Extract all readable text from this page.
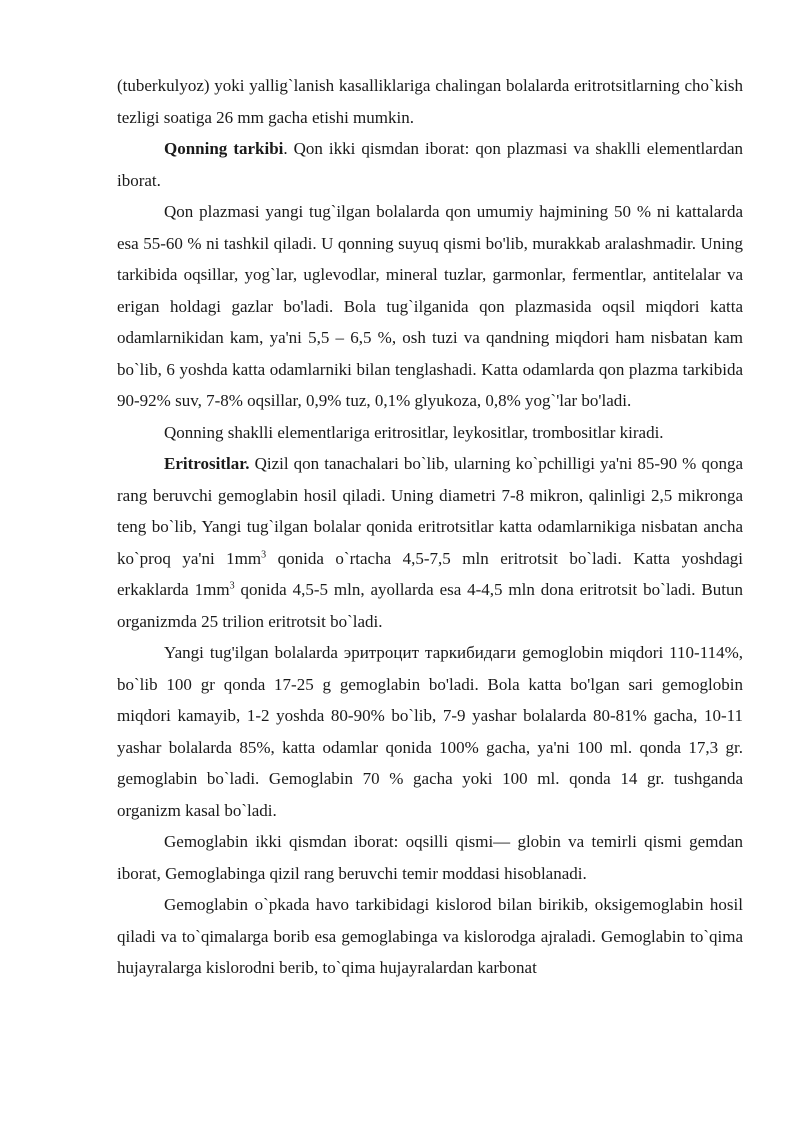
(tuberkulyoz) yoki yallig`lanish kasalliklariga chalingan bolalarda eritrotsitlarning cho`kish tezligi soatiga 26 mm gacha etishi mumkin.

Qonning tarkibi. Qon ikki qismdan iborat: qon plazmasi va shaklli elementlardan iborat.

Qon plazmasi yangi tug`ilgan bolalarda qon umumiy hajmining 50 % ni kattalarda esa 55-60 % ni tashkil qiladi. U qonning suyuq qismi bo'lib, murakkab aralashmadir. Uning tarkibida oqsillar, yog`lar, uglevodlar, mineral tuzlar, garmonlar, fermentlar, antitelalar va erigan holdagi gazlar bo'ladi. Bola tug`ilganida qon plazmasida oqsil miqdori katta odamlarnikidan kam, ya'ni 5,5 – 6,5 %, osh tuzi va qandning miqdori ham nisbatan kam bo`lib, 6 yoshda katta odamlarniki bilan tenglashadi. Katta odamlarda qon plazma tarkibida 90-92% suv, 7-8% oqsillar, 0,9% tuz, 0,1% glyukoza, 0,8% yog`'lar bo'ladi.

Qonning shaklli elementlariga eritrositlar, leykositlar, trombositlar kiradi.

Eritrositlar. Qizil qon tanachalari bo`lib, ularning ko`pchilligi ya'ni 85-90 % qonga rang beruvchi gemoglabin hosil qiladi. Uning diametri 7-8 mikron, qalinligi 2,5 mikronga teng bo`lib, Yangi tug`ilgan bolalar qonida eritrotsitlar katta odamlarnikiga nisbatan ancha ko`proq ya'ni $1mm^3$ qonida o`rtacha 4,5-7,5 mln eritrotsit bo`ladi. Katta yoshdagi erkaklarda $1mm^3$ qonida 4,5-5 mln, ayollarda esa 4-4,5 mln dona eritrotsit bo`ladi. Butun organizmda 25 trilion eritrotsit bo`ladi.

Yangi tug'ilgan bolalarda эритроцит таркибидаги gemoglobin miqdori 110-114%, bo`lib 100 gr qonda 17-25 g gemoglabin bo'ladi. Bola katta bo'lgan sari gemoglobin miqdori kamayib, 1-2 yoshda 80-90% bo`lib, 7-9 yashar bolalarda 80-81% gacha, 10-11 yashar bolalarda 85%, katta odamlar qonida 100% gacha, ya'ni 100 ml. qonda 17,3 gr. gemoglabin bo`ladi. Gemoglabin 70 % gacha yoki 100 ml. qonda 14 gr. tushganda organizm kasal bo`ladi.

Gemoglabin ikki qismdan iborat: oqsilli qismi— globin va temirli qismi gemdan iborat, Gemoglabinga qizil rang beruvchi temir moddasi hisoblanadi.

Gemoglabin o`pkada havo tarkibidagi kislorod bilan birikib, oksigemoglabin hosil qiladi va to`qimalarga borib esa gemoglabinga va kislorodga ajraladi. Gemoglabin to`qima hujayralarga kislorodni berib, to`qima hujayralardan karbonat
